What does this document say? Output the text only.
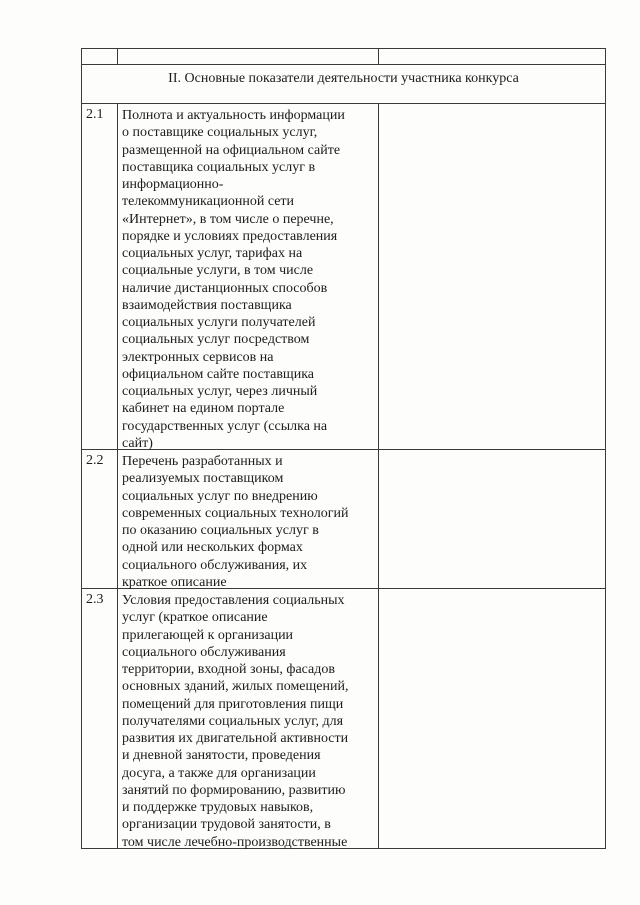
II. Основные показатели деятельности участника конкурса
2.1	Полнота и актуальность информации
о поставщике социальных услуг,
размещенной на официальном сайте
поставщика социальных услуг в
информационно-
телекоммуникационной сети
«Интернет», в том числе о перечне,
порядке и условиях предоставления
социальных услуг, тарифах на
социальные услуги, в том числе
наличие дистанционных способов
взаимодействия поставщика
социальных услуги получателей
социальных услуг посредством
электронных сервисов на
официальном сайте поставщика
социальных услуг, через личный
кабинет на едином портале
государственных услуг (ссылка на
сайт)
2.2	Перечень разработанных и
реализуемых поставщиком
социальных услуг по внедрению
современных социальных технологий
по оказанию социальных услуг в
одной или нескольких формах
социального обслуживания, их
краткое описание
2.3	Условия предоставления социальных
услуг (краткое описание
прилегающей к организации
социального обслуживания
территории, входной зоны, фасадов
основных зданий, жилых помещений,
помещений для приготовления пищи
получателями социальных услуг, для
развития их двигательной активности
и дневной занятости, проведения
досуга, а также для организации
занятий по формированию, развитию
и поддержке трудовых навыков,
организации трудовой занятости, в
том числе лечебно-производственные
